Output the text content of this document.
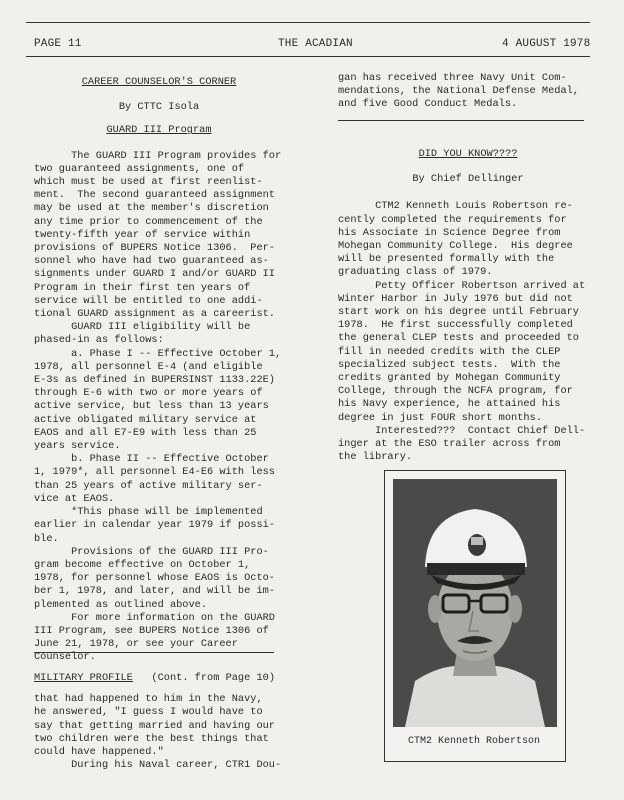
PAGE 11	THE ACADIAN	4 AUGUST 1978

CAREER COUNSELOR'S CORNER

By CTTC Isola

GUARD III Program

The GUARD III Program provides for

two guaranteed assignments, one of

which must be used at first reenlist-

ment.  The second guaranteed assignment

may be used at the member's discretion

any time prior to commencement of the

twenty-fifth year of service within

provisions of BUPERS Notice 1306.  Per-

sonnel who have had two guaranteed as-

signments under GUARD I and/or GUARD II

Program in their first ten years of

service will be entitled to one addi-

tional GUARD assignment as a careerist.

GUARD III eligibility will be

phased-in as follows:

a. Phase I -- Effective October 1,

1978, all personnel E-4 (and eligible

E-3s as defined in BUPERSINST 1133.22E)

through E-6 with two or more years of

active service, but less than 13 years

active obligated military service at

EAOS and all E7-E9 with less than 25

years service.

b. Phase II -- Effective October

1, 1979*, all personnel E4-E6 with less

than 25 years of active military ser-

vice at EAOS.

*This phase will be implemented

earlier in calendar year 1979 if possi-

ble.

Provisions of the GUARD III Pro-

gram become effective on October 1,

1978, for personnel whose EAOS is Octo-

ber 1, 1978, and later, and will be im-

plemented as outlined above.

For more information on the GUARD

III Program, see BUPERS Notice 1306 of

June 21, 1978, or see your Career

Counselor.

MILITARY PROFILE (Cont. from Page 10)

that had happened to him in the Navy,

he answered, "I guess I would have to

say that getting married and having our

two children were the best things that

could have happened."

During his Naval career, CTR1 Dou-

gan has received three Navy Unit Com-

mendations, the National Defense Medal,

and five Good Conduct Medals.

DID YOU KNOW????

By Chief Dellinger

CTM2 Kenneth Louis Robertson re-

cently completed the requirements for

his Associate in Science Degree from

Mohegan Community College.  His degree

will be presented formally with the

graduating class of 1979.

Petty Officer Robertson arrived at

Winter Harbor in July 1976 but did not

start work on his degree until February

1978.  He first successfully completed

the general CLEP tests and proceeded to

fill in needed credits with the CLEP

specialized subject tests.  With the

credits granted by Mohegan Community

College, through the NCFA program, for

his Navy experience, he attained his

degree in just FOUR short months.

Interested???  Contact Chief Dell-

inger at the ESO trailer across from

the library.

CTM2 Kenneth Robertson
